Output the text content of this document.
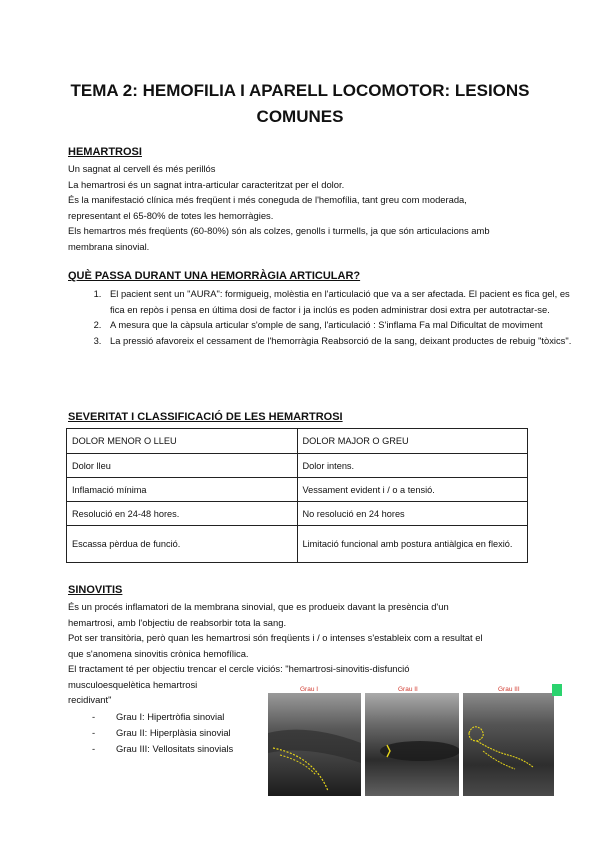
TEMA 2: HEMOFILIA I APARELL LOCOMOTOR: LESIONS COMUNES
HEMARTROSI
Un sagnat al cervell és més perillós
La hemartrosi és un sagnat intra-articular caracteritzat per el dolor.
És la manifestació clínica més freqüent i més coneguda de l'hemofília, tant greu com moderada,
representant el 65-80% de totes les hemorràgies.
Els hemartros més freqüents (60-80%) són als colzes, genolls i turmells, ja que són articulacions amb
membrana sinovial.
QUÈ PASSA DURANT UNA HEMORRÀGIA ARTICULAR?
1. El pacient sent un "AURA": formigueig, molèstia en l'articulació que va a ser afectada. El pacient es fica gel, es fica en repòs i pensa en última dosi de factor i ja inclús es poden administrar dosi extra per autotractar-se.
2. A mesura que la càpsula articular s'omple de sang, l'articulació : S'inflama Fa mal Dificultat de moviment
3. La pressió afavoreix el cessament de l'hemorràgia Reabsorció de la sang, deixant productes de rebuig "tòxics".
SEVERITAT I CLASSIFICACIÓ DE LES HEMARTROSI
DOLOR MENOR O LLEU	DOLOR MAJOR O GREU
Dolor lleu	Dolor intens.
Inflamació mínima	Vessament evident i / o a tensió.
Resolució en 24-48 hores.	No resolució en 24 hores
Escassa pèrdua de funció.	Limitació funcional amb postura antiàlgica en flexió.
SINOVITIS
És un procés inflamatori de la membrana sinovial, que es produeix davant la presència d'un
hemartrosi, amb l'objectiu de reabsorbir tota la sang.
Pot ser transitòria, però quan les hemartrosi són freqüents i / o intenses s'estableix com a resultat el
que s'anomena sinovitis crònica hemofílica.
El tractament té per objectiu trencar el cercle viciós: "hemartrosi-sinovitis-disfunció
musculoesquelètica hemartrosi
recidivant"
- Grau I: Hipertròfia sinovial
- Grau II: Hiperplàsia sinovial
- Grau III: Vellositats sinovials
Grau I	Grau II	Grau III
